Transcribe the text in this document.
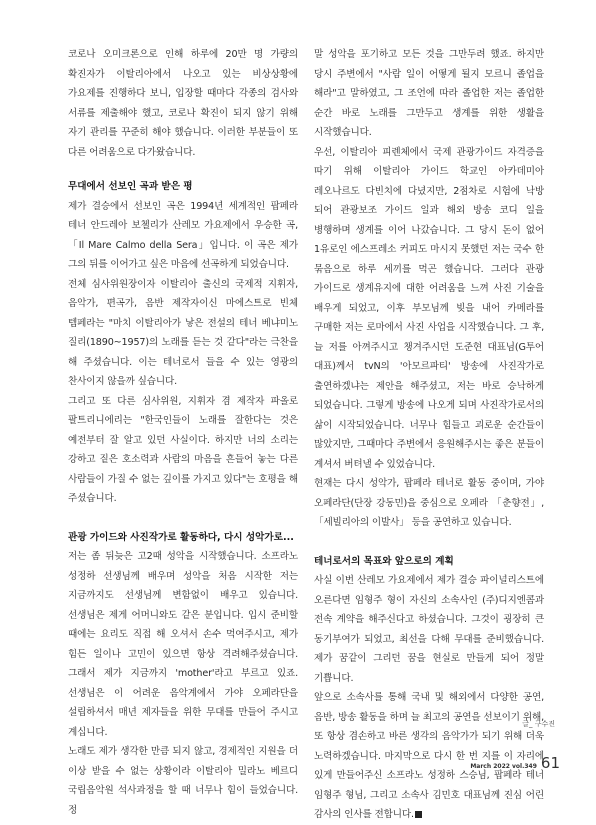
코로나 오미크론으로 인해 하루에 20만 명 가량의 확진자가 이탈리아에서 나오고 있는 비상상황에 가요제를 진행하다 보니, 입장할 때마다 각종의 검사와 서류를 제출해야 했고, 코로나 확진이 되지 않기 위해 자기 관리를 꾸준히 해야 했습니다. 이러한 부분들이 또 다른 어려움으로 다가왔습니다.

무대에서 선보인 곡과 받은 평

제가 결승에서 선보인 곡은 1994년 세계적인 팝페라 테너 안드레아 보첼리가 산레모 가요제에서 우승한 곡, 「Il Mare Calmo della Sera」입니다. 이 곡은 제가 그의 뒤를 이어가고 싶은 마음에 선곡하게 되었습니다.

전체 심사위원장이자 이탈리아 출신의 국제적 지휘자, 음악가, 편곡가, 음반 제작자이신 마에스트로 빈체 템페라는 "마치 이탈리아가 낳은 전설의 테너 베냐미노 질리(1890~1957)의 노래를 듣는 것 같다"라는 극찬을 해 주셨습니다. 이는 테너로서 들을 수 있는 영광의 찬사이지 않을까 싶습니다.

그리고 또 다른 심사위원, 지휘자 겸 제작자 파올로 팔트리니에리는 "한국인들이 노래를 잘한다는 것은 예전부터 잘 알고 있던 사실이다. 하지만 너의 소리는 강하고 짙은 호소력과 사람의 마음을 흔들어 놓는 다른 사람들이 가질 수 없는 깊이를 가지고 있다"는 호평을 해 주셨습니다.

관광 가이드와 사진작가로 활동하다, 다시 성악가로...

저는 좀 뒤늦은 고2때 성악을 시작했습니다. 소프라노 성정하 선생님께 배우며 성악을 처음 시작한 저는 지금까지도 선생님께 변함없이 배우고 있습니다. 선생님은 제게 어머니와도 같은 분입니다. 입시 준비할 때에는 요리도 직접 해 오셔서 손수 먹여주시고, 제가 힘든 일이나 고민이 있으면 항상 격려해주셨습니다. 그래서 제가 지금까지 'mother'라고 부르고 있죠. 선생님은 이 어려운 음악계에서 가야 오페라단을 설립하셔서 매년 제자들을 위한 무대를 만들어 주시고 계십니다.

노래도 제가 생각한 만큼 되지 않고, 경제적인 지원을 더 이상 받을 수 없는 상황이라 이탈리아 밀라노 베르디 국립음악원 석사과정을 할 때 너무나 힘이 들었습니다. 정

말 성악을 포기하고 모든 것을 그만두려 했죠. 하지만 당시 주변에서 "사람 일이 어떻게 될지 모르니 졸업을 해라"고 말하였고, 그 조언에 따라 졸업한 저는 졸업한 순간 바로 노래를 그만두고 생계를 위한 생활을 시작했습니다.

우선, 이탈리아 피렌체에서 국제 관광가이드 자격증을 따기 위해 이탈리아 가이드 학교인 아카데미아 레오나르도 다빈치에 다녔지만, 2점차로 시험에 낙방 되어 관광보조 가이드 일과 해외 방송 코디 일을 병행하며 생계를 이어 나갔습니다. 그 당시 돈이 없어 1유로인 에스프레소 커피도 마시지 못했던 저는 국수 한 묶음으로 하루 세끼를 먹곤 했습니다. 그러다 관광 가이드로 생계유지에 대한 어려움을 느껴 사진 기술을 배우게 되었고, 이후 부모님께 빚을 내어 카메라를 구매한 저는 로마에서 사진 사업을 시작했습니다. 그 후, 늘 저를 아껴주시고 챙겨주시던 도준현 대표님(G투어 대표)께서 tvN의 '아모르파티' 방송에 사진작가로 출연하겠냐는 제안을 해주셨고, 저는 바로 승낙하게 되었습니다. 그렇게 방송에 나오게 되며 사진작가로서의 삶이 시작되었습니다. 너무나 힘들고 괴로운 순간들이 많았지만, 그때마다 주변에서 응원해주시는 좋은 분들이 계셔서 버텨낼 수 있었습니다.

현재는 다시 성악가, 팝페라 테너로 활동 중이며, 가야 오페라단(단장 강동민)을 중심으로 오페라 「춘향전」, 「세빌리아의 이발사」 등을 공연하고 있습니다.

테너로서의 목표와 앞으로의 계획

사실 이번 산레모 가요제에서 제가 결승 파이널리스트에 오른다면 임형주 형이 자신의 소속사인 (주)디지엔콤과 전속 계약을 해주신다고 하셨습니다. 그것이 굉장히 큰 동기부여가 되었고, 최선을 다해 무대를 준비했습니다. 제가 꿈같이 그리던 꿈을 현실로 만들게 되어 정말 기쁩니다.

앞으로 소속사를 통해 국내 및 해외에서 다양한 공연, 음반, 방송 활동을 하며 늘 최고의 공연을 선보이기 위해, 또 항상 겸손하고 바른 생각의 음악가가 되기 위해 더욱 노력하겠습니다. 마지막으로 다시 한 번 지를 이 자리에 있게 만들어주신 소프라노 성정하 스승님, 팝페라 테너 임형주 형님, 그리고 소속사 김민호 대표님께 진심 어린 감사의 인사를 전합니다.

글_ 구수진
March 2022 vol.349 61
